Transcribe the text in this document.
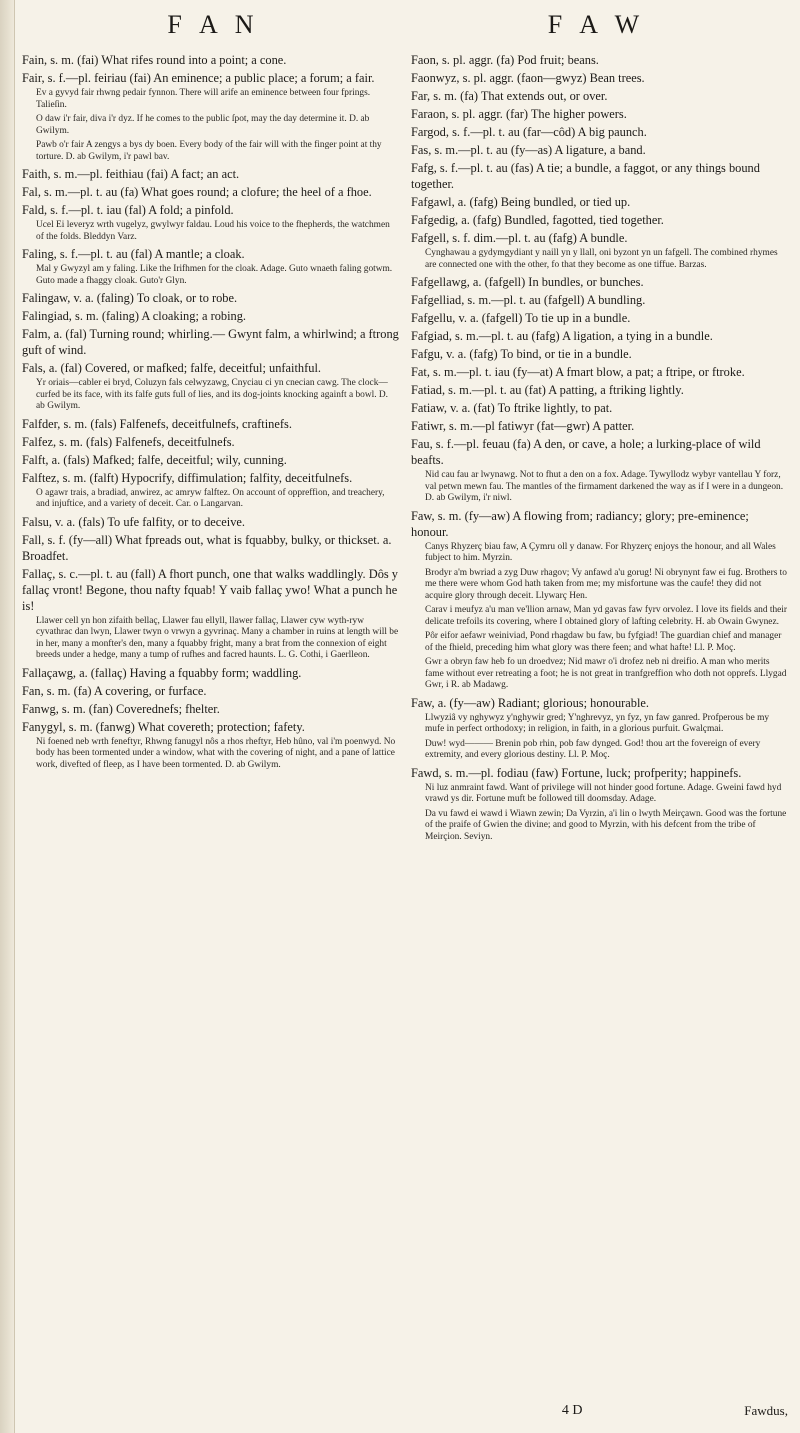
F A N	F A W

Fain, s. m. (fai) What rifes round into a point; a cone.

Fair, s. f.—pl. feiriau (fai) An eminence; a public place; a forum; a fair.

Ev a gyvyd fair rhwng pedair fynnon. There will arife an eminence between four fprings. Talieſin.

O daw i'r fair, diva i'r dyz. If he comes to the public ſpot, may the day determine it. D. ab Gwilym.

Pawb o'r fair A zengys a bys dy boen. Every body of the fair will with the finger point at thy torture. D. ab Gwilym, i'r pawl bav.

Faith, s. m.—pl. feithiau (fai) A fact; an act.

Fal, s. m.—pl. t. au (fa) What goes round; a clofure; the heel of a fhoe.

Fald, s. f.—pl. t. iau (fal) A fold; a pinfold.

Ucel Ei leveryz wrth vugelyz, gwylwyr faldau. Loud his voice to the fhepherds, the watchmen of the folds. Bleddyn Varz.

Faling, s. f.—pl. t. au (fal) A mantle; a cloak.

Mal y Gwyzyl am y faling. Like the Irifhmen for the cloak. Adage. Guto wnaeth faling gotwm. Guto made a fhaggy cloak. Guto'r Glyn.

Falingaw, v. a. (faling) To cloak, or to robe.

Falingiad, s. m. (faling) A cloaking; a robing.

Falm, a. (fal) Turning round; whirling.— Gwynt falm, a whirlwind; a ftrong guft of wind.

Fals, a. (fal) Covered, or mafked; falfe, deceitful; unfaithful.

Yr oriais—cabler ei bryd, Coluzyn fals celwyzawg, Cnyciau ci yn cnecian cawg. The clock—curfed be its face, with its falfe guts full of lies, and its dog-joints knocking againft a bowl. D. ab Gwilym.

Falfder, s. m. (fals) Falfenefs, deceitfulnefs, craftinefs.

Falfez, s. m. (fals) Falfenefs, deceitfulnefs.

Falft, a. (fals) Mafked; falfe, deceitful; wily, cunning.

Falftez, s. m. (falft) Hypocrify, diffimulation; falfity, deceitfulnefs.

O agawr trais, a bradiad, anwirez, ac amryw falftez. On account of oppreffion, and treachery, and injuftice, and a variety of deceit. Car. o Langarvan.

Falsu, v. a. (fals) To ufe falfity, or to deceive.

Fall, s. f. (fy—all) What fpreads out, what is fquabby, bulky, or thickset. a. Broadfet.

Fallaç, s. c.—pl. t. au (fall) A fhort punch, one that walks waddlingly. Dôs y fallaç vront! Begone, thou nafty fquab! Y vaib fallaç ywo! What a punch he is!

Llawer cell yn hon zifaith bellaç, Llawer fau ellyll, llawer fallaç, Llawer cyw wyth-ryw cyvathrac dan lwyn, Llawer twyn o vrwyn a gyvrinaç. Many a chamber in ruins at length will be in her, many a monfter's den, many a fquabby fright, many a brat from the connexion of eight breeds under a hedge, many a tump of rufhes and facred haunts. L. G. Cothi, i Gaerlleon.

Fallaçawg, a. (fallaç) Having a fquabby form; waddling.

Fan, s. m. (fa) A covering, or furface.

Fanwg, s. m. (fan) Coverednefs; fhelter.

Fanygyl, s. m. (fanwg) What covereth; protection; fafety.

Ni foened neb wrth feneftyr, Rhwng fanugyl nôs a rhos rheftyr, Heb hûno, val i'm poenwyd. No body has been tormented under a window, what with the covering of night, and a pane of lattice work, divefted of fleep, as I have been tormented. D. ab Gwilym.

Faon, s. pl. aggr. (fa) Pod fruit; beans.

Faonwyz, s. pl. aggr. (faon—gwyz) Bean trees.

Far, s. m. (fa) That extends out, or over.

Faraon, s. pl. aggr. (far) The higher powers.

Fargod, s. f.—pl. t. au (far—côd) A big paunch.

Fas, s. m.—pl. t. au (fy—as) A ligature, a band.

Fafg, s. f.—pl. t. au (fas) A tie; a bundle, a faggot, or any things bound together.

Fafgawl, a. (fafg) Being bundled, or tied up.

Fafgedig, a. (fafg) Bundled, fagotted, tied together.

Fafgell, s. f. dim.—pl. t. au (fafg) A bundle.

Cynghawau a gydymgydiant y naill yn y llall, oni byzont yn un fafgell. The combined rhymes are connected one with the other, fo that they become as one tiffue. Barzas.

Fafgellawg, a. (fafgell) In bundles, or bunches.

Fafgelliad, s. m.—pl. t. au (fafgell) A bundling.

Fafgellu, v. a. (fafgell) To tie up in a bundle.

Fafgiad, s. m.—pl. t. au (fafg) A ligation, a tying in a bundle.

Fafgu, v. a. (fafg) To bind, or tie in a bundle.

Fat, s. m.—pl. t. iau (fy—at) A fmart blow, a pat; a ftripe, or ftroke.

Fatiad, s. m.—pl. t. au (fat) A patting, a ftriking lightly.

Fatiaw, v. a. (fat) To ftrike lightly, to pat.

Fatiwr, s. m.—pl fatiwyr (fat—gwr) A patter.

Fau, s. f.—pl. feuau (fa) A den, or cave, a hole; a lurking-place of wild beafts.

Nid cau fau ar lwynawg. Not to fhut a den on a fox. Adage. Tywyllodz wybyr vantellau Y forz, val petwn mewn fau. The mantles of the firmament darkened the way as if I were in a dungeon. D. ab Gwilym, i'r niwl.

Faw, s. m. (fy—aw) A flowing from; radiancy; glory; pre-eminence; honour.

Canys Rhyzerç biau faw, A Çymru oll y danaw. For Rhyzerç enjoys the honour, and all Wales fubject to him. Myrzin.

Brodyr a'm bwriad a zyg Duw rhagov; Vy anfawd a'u gorug! Ni obrynynt faw ei fug. Brothers to me there were whom God hath taken from me; my misfortune was the caufe! they did not acquire glory through deceit. Llywarç Hen.

Carav i meufyz a'u man ve'llion arnaw, Man yd gavas faw fyrv orvolez. I love its fields and their delicate trefoils its covering, where I obtained glory of lafting celebrity. H. ab Owain Gwynez.

Pôr eifor aefawr weiniviad, Pond rhagdaw bu faw, bu fyfgiad! The guardian chief and manager of the fhield, preceding him what glory was there feen; and what hafte! Ll. P. Moç.

Gwr a obryn faw heb fo un droedvez; Nid mawr o'i drofez neb ni dreifio. A man who merits fame without ever retreating a foot; he is not great in tranfgreffion who doth not opprefs. Llygad Gwr, i R. ab Madawg.

Faw, a. (fy—aw) Radiant; glorious; honourable.

Llwyziâ vy nghywyz y'nghywir gred; Y'nghrevyz, yn fyz, yn faw ganred. Profperous be my mufe in perfect orthodoxy; in religion, in faith, in a glorious purfuit. Gwalçmai.

Duw! wyd——— Brenin pob rhin, pob faw dynged. God! thou art the fovereign of every extremity, and every glorious destiny. Ll. P. Moç.

Fawd, s. m.—pl. fodiau (faw) Fortune, luck; profperity; happinefs.

Ni luz anmraint fawd. Want of privilege will not hinder good fortune. Adage. Gweini fawd hyd vrawd ys dir. Fortune muft be followed till doomsday. Adage.

Da vu fawd ei wawd i Wiawn zewin; Da Vyrzin, a'i lin o lwyth Meirçawn. Good was the fortune of the praife of Gwien the divine; and good to Myrzin, with his defcent from the tribe of Meirçion. Seviyn.

4 D	Fawdus,
